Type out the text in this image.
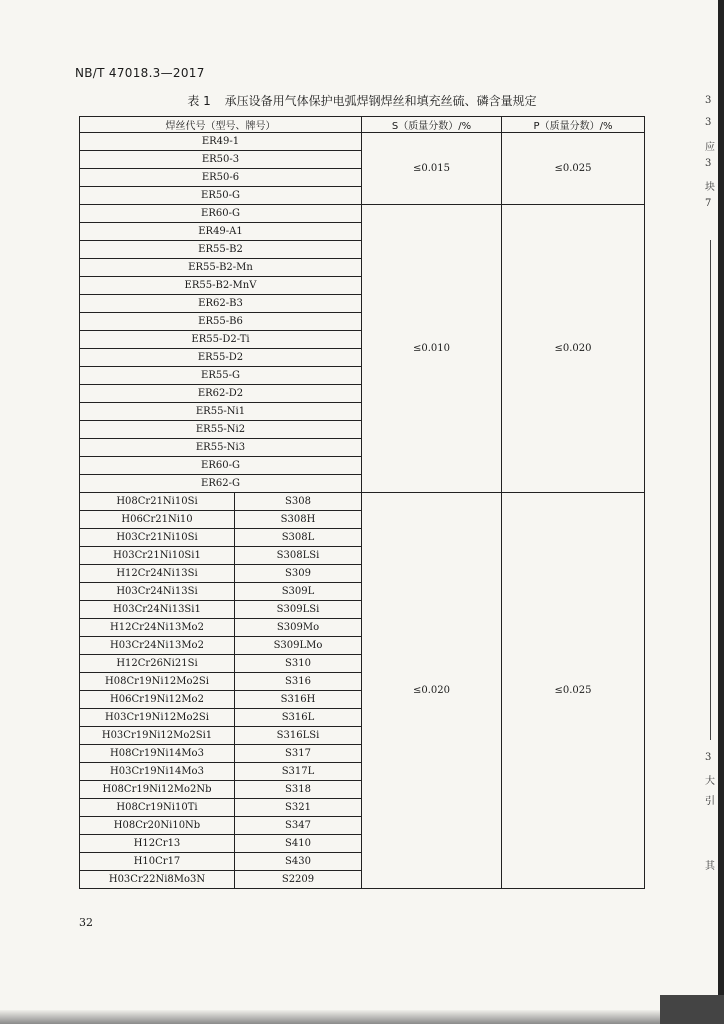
NB/T 47018.3—2017
表 1 承压设备用气体保护电弧焊钢焊丝和填充丝硫、磷含量规定
焊丝代号（型号、牌号）		S（质量分数）/%	P（质量分数）/%
ER49-1		≤0.015	≤0.025
ER50-3			
ER50-6			
ER50-G			
ER60-G		≤0.010	≤0.020
ER49-A1			
ER55-B2			
ER55-B2-Mn			
ER55-B2-MnV			
ER62-B3			
ER55-B6			
ER55-D2-Ti			
ER55-D2			
ER55-G			
ER62-D2			
ER55-Ni1			
ER55-Ni2			
ER55-Ni3			
ER60-G			
ER62-G			
H08Cr21Ni10Si	S308	≤0.020	≤0.025
H06Cr21Ni10	S308H		
H03Cr21Ni10Si	S308L		
H03Cr21Ni10Si1	S308LSi		
H12Cr24Ni13Si	S309		
H03Cr24Ni13Si	S309L		
H03Cr24Ni13Si1	S309LSi		
H12Cr24Ni13Mo2	S309Mo		
H03Cr24Ni13Mo2	S309LMo		
H12Cr26Ni21Si	S310		
H08Cr19Ni12Mo2Si	S316		
H06Cr19Ni12Mo2	S316H		
H03Cr19Ni12Mo2Si	S316L		
H03Cr19Ni12Mo2Si1	S316LSi		
H08Cr19Ni14Mo3	S317		
H03Cr19Ni14Mo3	S317L		
H08Cr19Ni12Mo2Nb	S318		
H08Cr19Ni10Ti	S321		
H08Cr20Ni10Nb	S347		
H12Cr13	S410		
H10Cr17	S430		
H03Cr22Ni8Mo3N	S2209		
32
3
3
应
3
块
7
3
大
引
其
